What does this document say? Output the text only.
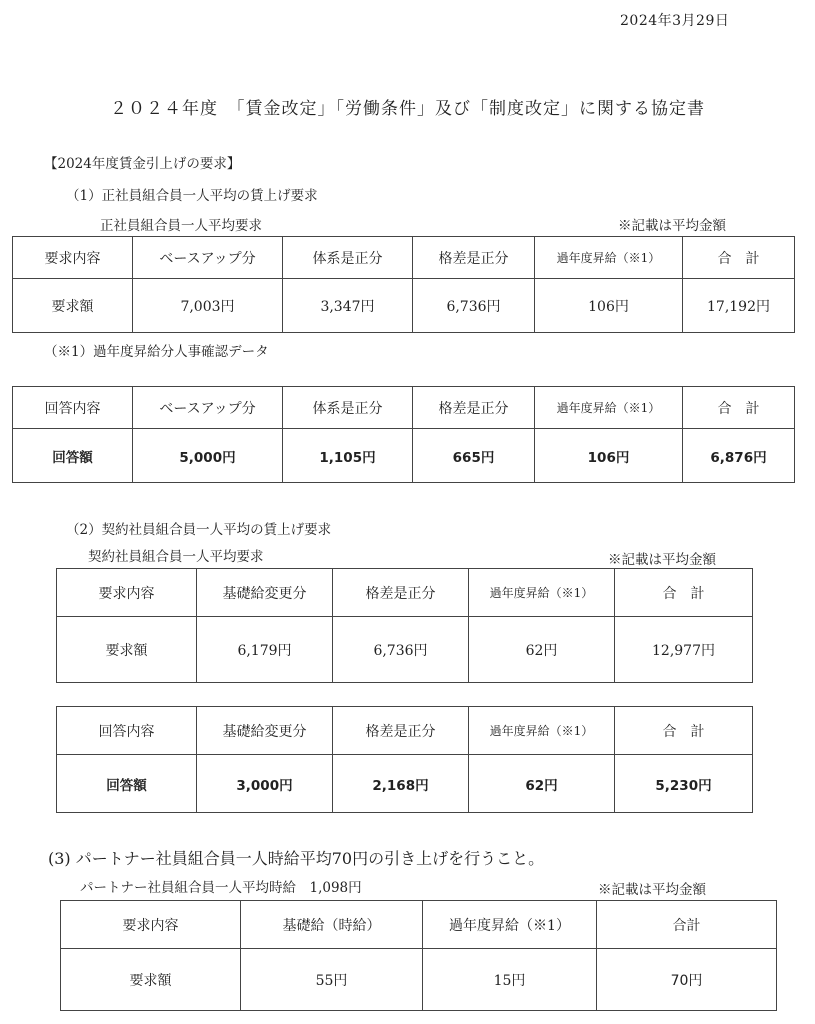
2024年3月29日
２０２４年度　「賃金改定」「労働条件」及び「制度改定」に関する協定書
【2024年度賃金引上げの要求】
（1）正社員組合員一人平均の賃上げ要求
正社員組合員一人平均要求	※記載は平均金額
要求内容	ベースアップ分	体系是正分	格差是正分	過年度昇給（※1）	合　計
要求額	7,003円	3,347円	6,736円	106円	17,192円
（※1）過年度昇給分人事確認データ
回答内容	ベースアップ分	体系是正分	格差是正分	過年度昇給（※1）	合　計
回答額	5,000円	1,105円	665円	106円	6,876円
（2）契約社員組合員一人平均の賃上げ要求
契約社員組合員一人平均要求	※記載は平均金額
要求内容	基礎給変更分	格差是正分	過年度昇給（※1）	合　計
要求額	6,179円	6,736円	62円	12,977円
回答内容	基礎給変更分	格差是正分	過年度昇給（※1）	合　計
回答額	3,000円	2,168円	62円	5,230円
(3) パートナー社員組合員一人時給平均70円の引き上げを行うこと。
パートナー社員組合員一人平均時給　1,098円	※記載は平均金額
要求内容	基礎給（時給）	過年度昇給（※1）	合計
要求額	55円	15円	70円
